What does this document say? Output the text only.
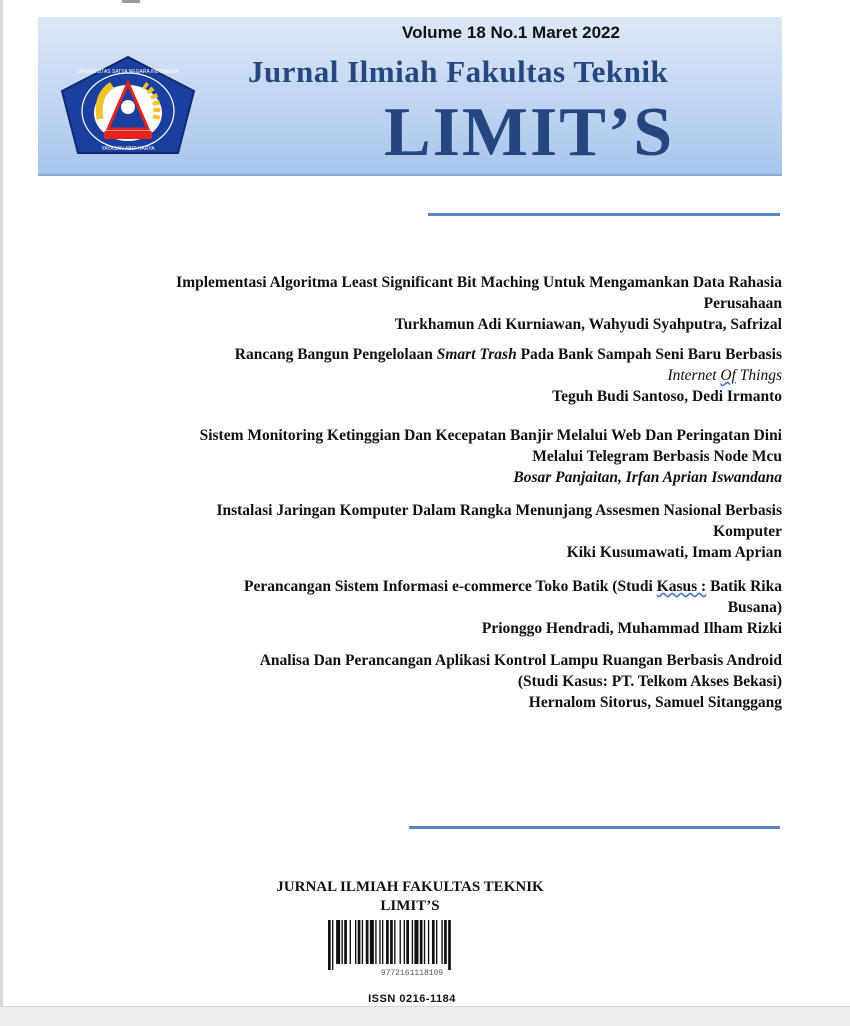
UNIVERSITAS SATYA NEGARA INDONESIA
YAYASAN ABDI KARYA
Volume 18 No.1 Maret 2022
Jurnal Ilmiah Fakultas Teknik
LIMIT’S
Implementasi Algoritma Least Significant Bit Maching Untuk Mengamankan Data Rahasia
Perusahaan
Turkhamun Adi Kurniawan, Wahyudi Syahputra, Safrizal
Rancang Bangun Pengelolaan Smart Trash Pada Bank Sampah Seni Baru Berbasis
Internet Of Things
Teguh Budi Santoso, Dedi Irmanto
Sistem Monitoring Ketinggian Dan Kecepatan Banjir Melalui Web Dan Peringatan Dini
Melalui Telegram Berbasis Node Mcu
Bosar Panjaitan, Irfan Aprian Iswandana
Instalasi Jaringan Komputer Dalam Rangka Menunjang Assesmen Nasional Berbasis
Komputer
Kiki Kusumawati, Imam Aprian
Perancangan Sistem Informasi e-commerce Toko Batik (Studi Kasus : Batik Rika
Busana)
Prionggo Hendradi, Muhammad Ilham Rizki
Analisa Dan Perancangan Aplikasi Kontrol Lampu Ruangan Berbasis Android
(Studi Kasus: PT. Telkom Akses Bekasi)
Hernalom Sitorus, Samuel Sitanggang
JURNAL ILMIAH FAKULTAS TEKNIK
LIMIT’S
9772161118109
ISSN 0216-1184
